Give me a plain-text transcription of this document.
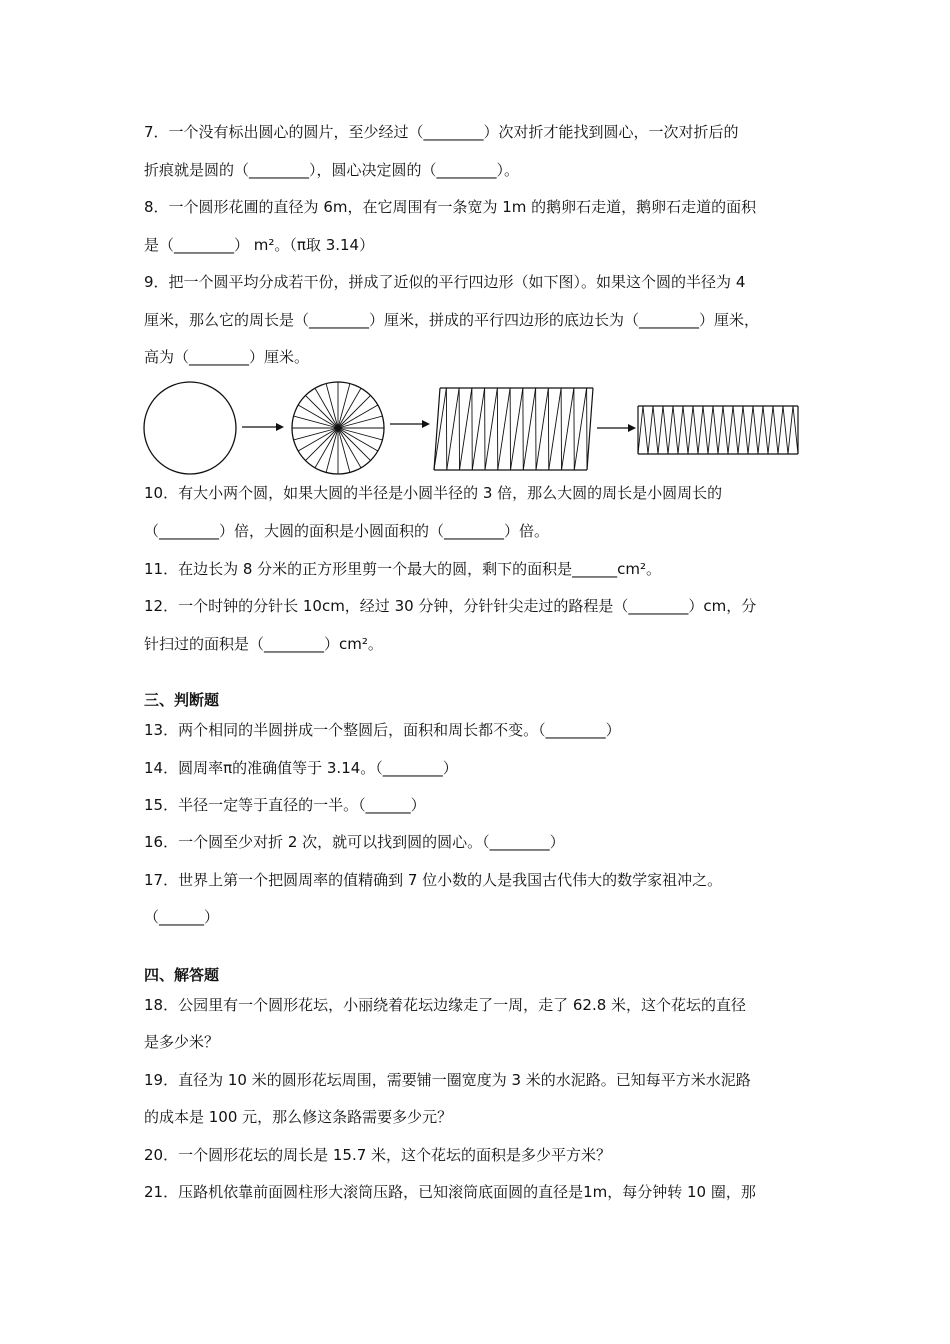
7．一个没有标出圆心的圆片，至少经过（________）次对折才能找到圆心，一次对折后的
折痕就是圆的（________），圆心决定圆的（________）。
8．一个圆形花圃的直径为 6m，在它周围有一条宽为 1m 的鹅卵石走道，鹅卵石走道的面积
是（________） m²。（π取 3.14）
9．把一个圆平均分成若干份，拼成了近似的平行四边形（如下图）。如果这个圆的半径为 4
厘米，那么它的周长是（________）厘米，拼成的平行四边形的底边长为（________）厘米，
高为（________）厘米。
10．有大小两个圆，如果大圆的半径是小圆半径的 3 倍，那么大圆的周长是小圆周长的
（________）倍，大圆的面积是小圆面积的（________）倍。
11．在边长为 8 分米的正方形里剪一个最大的圆，剩下的面积是______cm²。
12．一个时钟的分针长 10cm，经过 30 分钟，分针针尖走过的路程是（________）cm，分
针扫过的面积是（________）cm²。
三、判断题
13．两个相同的半圆拼成一个整圆后，面积和周长都不变。（________）
14．圆周率π的准确值等于 3.14。（________）
15．半径一定等于直径的一半。（______）
16．一个圆至少对折 2 次，就可以找到圆的圆心。（________）
17．世界上第一个把圆周率的值精确到 7 位小数的人是我国古代伟大的数学家祖冲之。
（______）
四、解答题
18．公园里有一个圆形花坛，小丽绕着花坛边缘走了一周，走了 62.8 米，这个花坛的直径
是多少米？
19．直径为 10 米的圆形花坛周围，需要铺一圈宽度为 3 米的水泥路。已知每平方米水泥路
的成本是 100 元，那么修这条路需要多少元？
20．一个圆形花坛的周长是 15.7 米，这个花坛的面积是多少平方米？
21．压路机依靠前面圆柱形大滚筒压路，已知滚筒底面圆的直径是1m，每分钟转 10 圈，那
